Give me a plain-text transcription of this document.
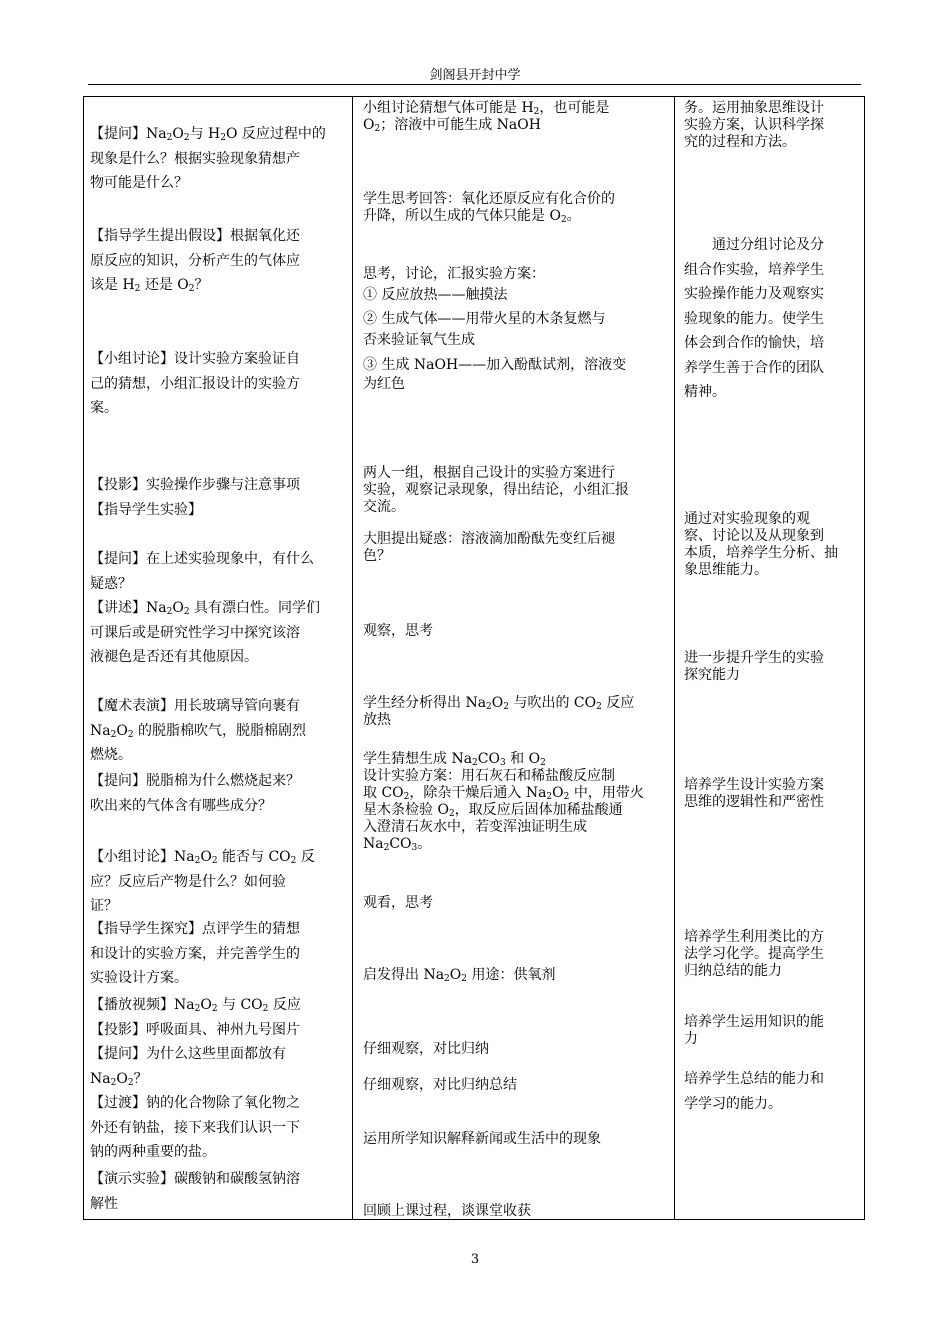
剑阁县开封中学
【提问】$Na_2O_2$与 $H_2O$ 反应过程中的
现象是什么？根据实验现象猜想产
物可能是什么？
【指导学生提出假设】根据氧化还
原反应的知识，分析产生的气体应
该是 $H_2$ 还是 $O_2$？
【小组讨论】设计实验方案验证自
己的猜想，小组汇报设计的实验方
案。
【投影】实验操作步骤与注意事项
【指导学生实验】
【提问】在上述实验现象中，有什么
疑惑？
【讲述】$Na_2O_2$ 具有漂白性。同学们
可课后或是研究性学习中探究该溶
液褪色是否还有其他原因。
【魔术表演】用长玻璃导管向裹有
$Na_2O_2$ 的脱脂棉吹气，脱脂棉剧烈
燃烧。
【提问】脱脂棉为什么燃烧起来？
吹出来的气体含有哪些成分？
【小组讨论】$Na_2O_2$ 能否与 $CO_2$ 反
应？反应后产物是什么？如何验
证？
【指导学生探究】点评学生的猜想
和设计的实验方案，并完善学生的
实验设计方案。
【播放视频】$Na_2O_2$ 与 $CO_2$ 反应
【投影】呼吸面具、神州九号图片
【提问】为什么这些里面都放有
$Na_2O_2$？
【过渡】钠的化合物除了氧化物之
外还有钠盐，接下来我们认识一下
钠的两种重要的盐。
【演示实验】碳酸钠和碳酸氢钠溶
解性
小组讨论猜想气体可能是 $H_2$，也可能是
$O_2$；溶液中可能生成 NaOH
学生思考回答：氧化还原反应有化合价的
升降，所以生成的气体只能是 $O_2$。
思考，讨论，汇报实验方案：
① 反应放热——触摸法
② 生成气体——用带火星的木条复燃与
否来验证氧气生成
③ 生成 NaOH——加入酚酞试剂，溶液变
为红色
两人一组，根据自己设计的实验方案进行
实验，观察记录现象，得出结论，小组汇报
交流。
大胆提出疑惑：溶液滴加酚酞先变红后褪
色？
观察，思考
学生经分析得出 $Na_2O_2$ 与吹出的 $CO_2$ 反应
放热
学生猜想生成 $Na_2CO_3$ 和 $O_2$
设计实验方案：用石灰石和稀盐酸反应制
取 $CO_2$，除杂干燥后通入 $Na_2O_2$ 中，用带火
星木条检验 $O_2$，取反应后固体加稀盐酸通
入澄清石灰水中，若变浑浊证明生成
$Na_2CO_3$。
观看，思考
启发得出 $Na_2O_2$ 用途：供氧剂
仔细观察，对比归纳
仔细观察，对比归纳总结
运用所学知识解释新闻或生活中的现象
回顾上课过程，谈课堂收获
务。运用抽象思维设计
实验方案，认识科学探
究的过程和方法。
通过分组讨论及分
组合作实验，培养学生
实验操作能力及观察实
验现象的能力。使学生
体会到合作的愉快，培
养学生善于合作的团队
精神。
通过对实验现象的观
察、讨论以及从现象到
本质，培养学生分析、抽
象思维能力。
进一步提升学生的实验
探究能力
培养学生设计实验方案
思维的逻辑性和严密性
培养学生利用类比的方
法学习化学。提高学生
归纳总结的能力
培养学生运用知识的能
力
培养学生总结的能力和
学学习的能力。
3
